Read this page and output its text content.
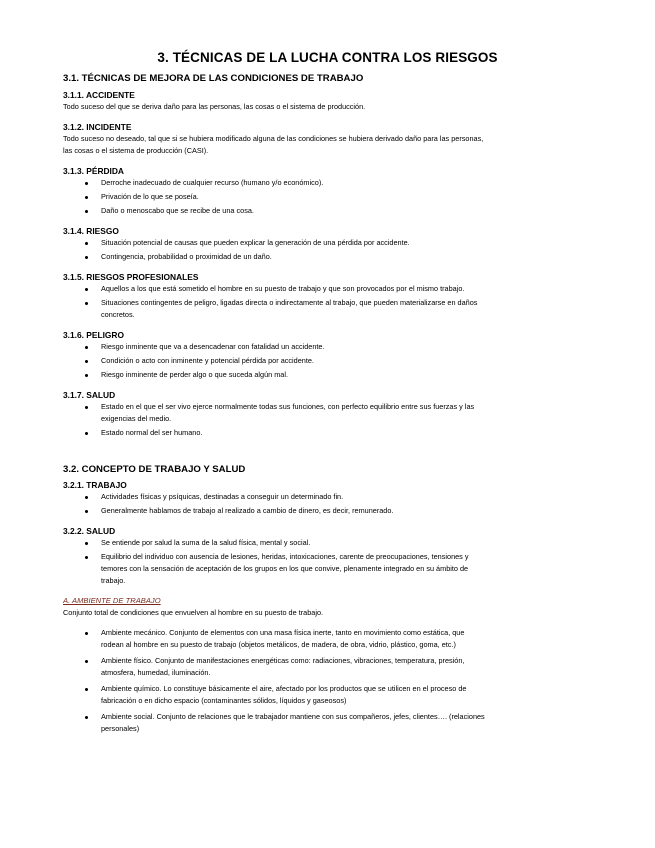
3. TÉCNICAS DE LA LUCHA CONTRA LOS RIESGOS
3.1. TÉCNICAS DE MEJORA DE LAS CONDICIONES DE TRABAJO
3.1.1. ACCIDENTE
Todo suceso del que se deriva daño para las personas, las cosas o el sistema de producción.
3.1.2. INCIDENTE
Todo suceso no deseado, tal que si se hubiera modificado alguna de las condiciones se hubiera derivado daño para las personas,
las cosas o el sistema de producción (CASI).
3.1.3. PÉRDIDA
Derroche inadecuado de cualquier recurso (humano y/o económico).
Privación de lo que se poseía.
Daño o menoscabo que se recibe de una cosa.
3.1.4. RIESGO
Situación potencial de causas que pueden explicar la generación de una pérdida por accidente.
Contingencia, probabilidad o proximidad de un daño.
3.1.5. RIESGOS PROFESIONALES
Aquellos a los que está sometido el hombre en su puesto de trabajo y que son provocados por el mismo trabajo.
Situaciones contingentes de peligro, ligadas directa o indirectamente al trabajo, que pueden materializarse en daños
concretos.
3.1.6. PELIGRO
Riesgo inminente que va a desencadenar con fatalidad un accidente.
Condición o acto con inminente y potencial pérdida por accidente.
Riesgo inminente de perder algo o que suceda algún mal.
3.1.7. SALUD
Estado en el que el ser vivo ejerce normalmente todas sus funciones, con perfecto equilibrio entre sus fuerzas y las
exigencias del medio.
Estado normal del ser humano.
3.2. CONCEPTO DE TRABAJO Y SALUD
3.2.1. TRABAJO
Actividades físicas y psíquicas, destinadas a conseguir un determinado fin.
Generalmente hablamos de trabajo al realizado a cambio de dinero, es decir, remunerado.
3.2.2. SALUD
Se entiende por salud la suma de la salud física, mental y social.
Equilibrio del individuo con ausencia de lesiones, heridas, intoxicaciones, carente de preocupaciones, tensiones y
temores con la sensación de aceptación de los grupos en los que convive, plenamente integrado en su ámbito de
trabajo.
A. AMBIENTE DE TRABAJO
Conjunto total de condiciones que envuelven al hombre en su puesto de trabajo.
Ambiente mecánico. Conjunto de elementos con una masa física inerte, tanto en movimiento como estática, que
rodean al hombre en su puesto de trabajo (objetos metálicos, de madera, de obra, vidrio, plástico, goma, etc.)
Ambiente físico. Conjunto de manifestaciones energéticas como: radiaciones, vibraciones, temperatura, presión,
atmosfera, humedad, iluminación.
Ambiente químico. Lo constituye básicamente el aire, afectado por los productos que se utilicen en el proceso de
fabricación o en dicho espacio (contaminantes sólidos, líquidos y gaseosos)
Ambiente social. Conjunto de relaciones que le trabajador mantiene con sus compañeros, jefes, clientes…. (relaciones
personales)
